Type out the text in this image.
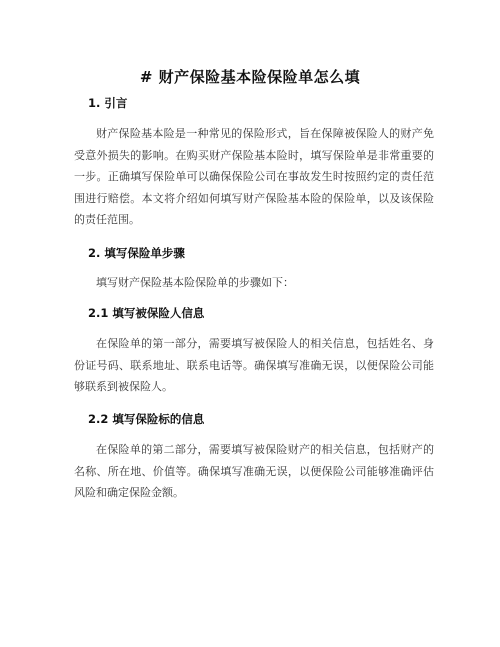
# 财产保险基本险保险单怎么填
1. 引言
财产保险基本险是一种常见的保险形式，旨在保障被保险人的财产免受意外损失的影响。在购买财产保险基本险时，填写保险单是非常重要的一步。正确填写保险单可以确保保险公司在事故发生时按照约定的责任范围进行赔偿。本文将介绍如何填写财产保险基本险的保险单，以及该保险的责任范围。
2. 填写保险单步骤
填写财产保险基本险保险单的步骤如下：
2.1 填写被保险人信息
在保险单的第一部分，需要填写被保险人的相关信息，包括姓名、身份证号码、联系地址、联系电话等。确保填写准确无误，以便保险公司能够联系到被保险人。
2.2 填写保险标的信息
在保险单的第二部分，需要填写被保险财产的相关信息，包括财产的名称、所在地、价值等。确保填写准确无误，以便保险公司能够准确评估风险和确定保险金额。
